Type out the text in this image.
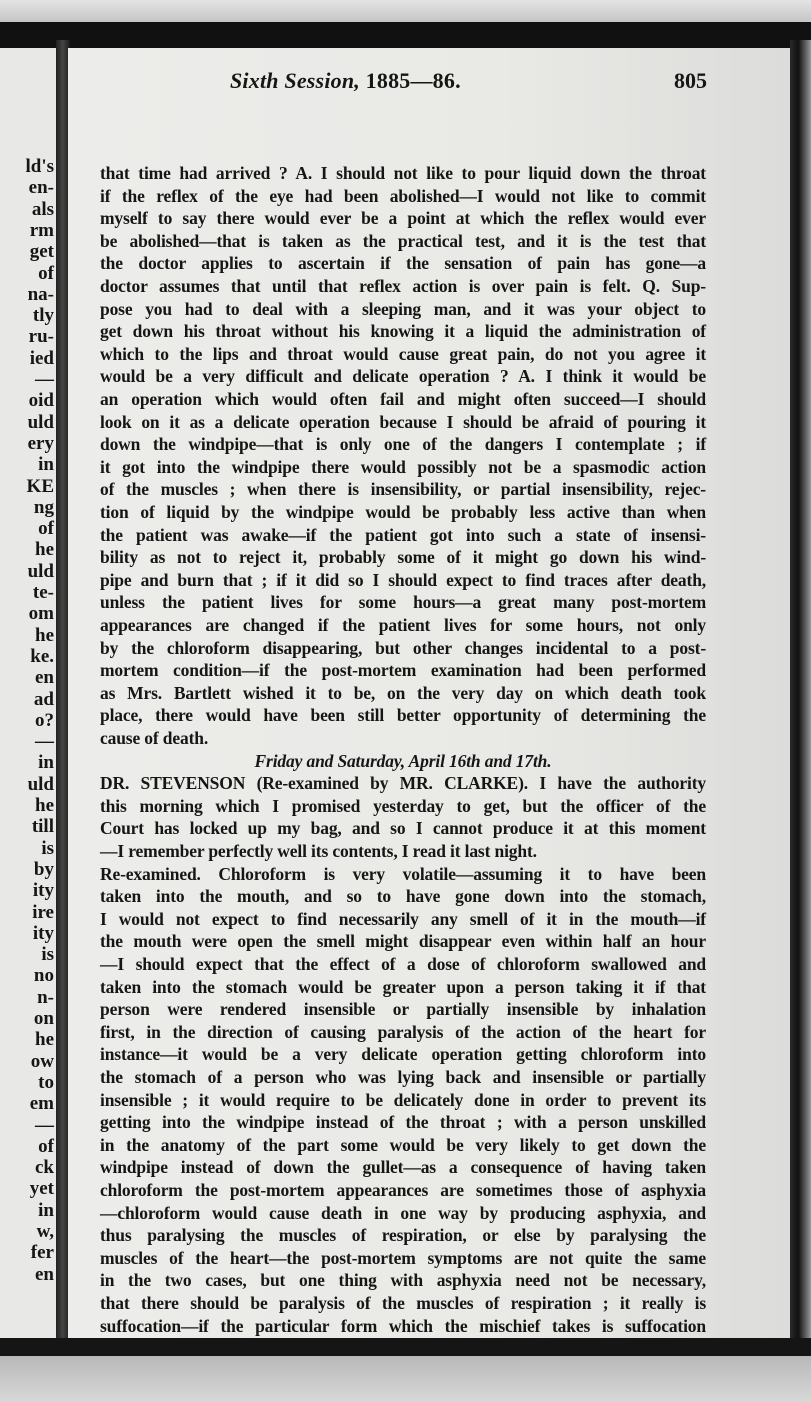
ld's
en-
als
rm
get
of
na-
tly
ru-
ied
—
oid
uld
ery
in
KE
ng
of
he
uld
te-
om
he
ke.
en
ad
o?
—
in
uld
he
till
is
by
ity
ire
ity
is
no
n-
on
he
ow
to
em
—
of
ck
yet
in
w,
fer
en
Sixth Session, 1885—86.	805
that time had arrived ? A. I should not like to pour liquid down the throat
if the reflex of the eye had been abolished—I would not like to commit
myself to say there would ever be a point at which the reflex would ever
be abolished—that is taken as the practical test, and it is the test that
the doctor applies to ascertain if the sensation of pain has gone—a
doctor assumes that until that reflex action is over pain is felt. Q. Sup-
pose you had to deal with a sleeping man, and it was your object to
get down his throat without his knowing it a liquid the administration of
which to the lips and throat would cause great pain, do not you agree it
would be a very difficult and delicate operation ? A. I think it would be
an operation which would often fail and might often succeed—I should
look on it as a delicate operation because I should be afraid of pouring it
down the windpipe—that is only one of the dangers I contemplate ; if
it got into the windpipe there would possibly not be a spasmodic action
of the muscles ; when there is insensibility, or partial insensibility, rejec-
tion of liquid by the windpipe would be probably less active than when
the patient was awake—if the patient got into such a state of insensi-
bility as not to reject it, probably some of it might go down his wind-
pipe and burn that ; if it did so I should expect to find traces after death,
unless the patient lives for some hours—a great many post-mortem
appearances are changed if the patient lives for some hours, not only
by the chloroform disappearing, but other changes incidental to a post-
mortem condition—if the post-mortem examination had been performed
as Mrs. Bartlett wished it to be, on the very day on which death took
place, there would have been still better opportunity of determining the
cause of death.
Friday and Saturday, April 16th and 17th.
DR. STEVENSON (Re-examined by MR. CLARKE). I have the authority
this morning which I promised yesterday to get, but the officer of the
Court has locked up my bag, and so I cannot produce it at this moment
—I remember perfectly well its contents, I read it last night.
Re-examined. Chloroform is very volatile—assuming it to have been
taken into the mouth, and so to have gone down into the stomach,
I would not expect to find necessarily any smell of it in the mouth—if
the mouth were open the smell might disappear even within half an hour
—I should expect that the effect of a dose of chloroform swallowed and
taken into the stomach would be greater upon a person taking it if that
person were rendered insensible or partially insensible by inhalation
first, in the direction of causing paralysis of the action of the heart for
instance—it would be a very delicate operation getting chloroform into
the stomach of a person who was lying back and insensible or partially
insensible ; it would require to be delicately done in order to prevent its
getting into the windpipe instead of the throat ; with a person unskilled
in the anatomy of the part some would be very likely to get down the
windpipe instead of down the gullet—as a consequence of having taken
chloroform the post-mortem appearances are sometimes those of asphyxia
—chloroform would cause death in one way by producing asphyxia, and
thus paralysing the muscles of respiration, or else by paralysing the
muscles of the heart—the post-mortem symptoms are not quite the same
in the two cases, but one thing with asphyxia need not be necessary,
that there should be paralysis of the muscles of respiration ; it really is
suffocation—if the particular form which the mischief takes is suffocation
